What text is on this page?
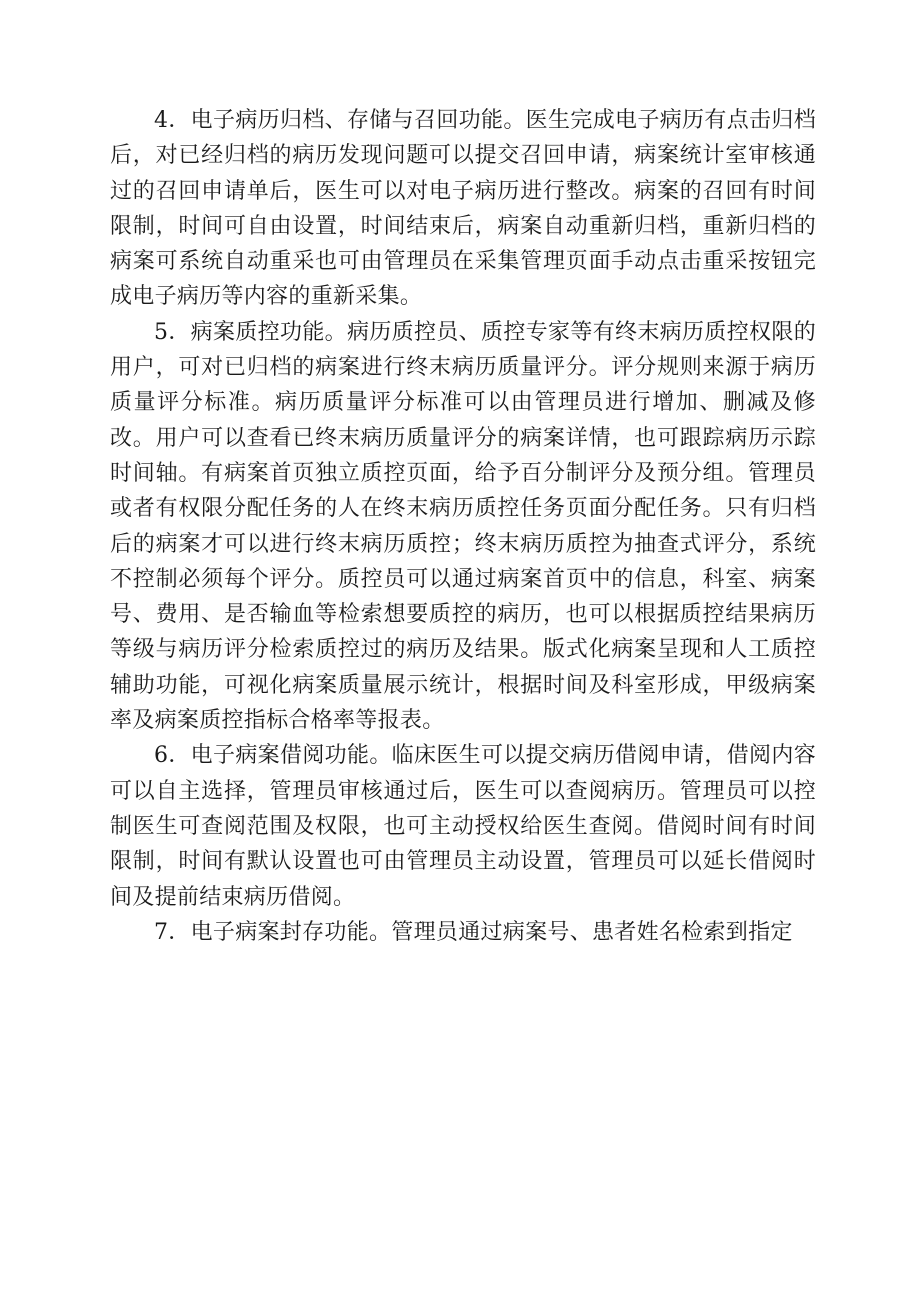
4．电子病历归档、存储与召回功能。医生完成电子病历有点击归档后，对已经归档的病历发现问题可以提交召回申请，病案统计室审核通过的召回申请单后，医生可以对电子病历进行整改。病案的召回有时间限制，时间可自由设置，时间结束后，病案自动重新归档，重新归档的病案可系统自动重采也可由管理员在采集管理页面手动点击重采按钮完成电子病历等内容的重新采集。

5．病案质控功能。病历质控员、质控专家等有终末病历质控权限的用户，可对已归档的病案进行终末病历质量评分。评分规则来源于病历质量评分标准。病历质量评分标准可以由管理员进行增加、删减及修改。用户可以查看已终末病历质量评分的病案详情，也可跟踪病历示踪时间轴。有病案首页独立质控页面，给予百分制评分及预分组。管理员或者有权限分配任务的人在终末病历质控任务页面分配任务。只有归档后的病案才可以进行终末病历质控；终末病历质控为抽查式评分，系统不控制必须每个评分。质控员可以通过病案首页中的信息，科室、病案号、费用、是否输血等检索想要质控的病历，也可以根据质控结果病历等级与病历评分检索质控过的病历及结果。版式化病案呈现和人工质控辅助功能，可视化病案质量展示统计，根据时间及科室形成，甲级病案率及病案质控指标合格率等报表。

6．电子病案借阅功能。临床医生可以提交病历借阅申请，借阅内容可以自主选择，管理员审核通过后，医生可以查阅病历。管理员可以控制医生可查阅范围及权限，也可主动授权给医生查阅。借阅时间有时间限制，时间有默认设置也可由管理员主动设置，管理员可以延长借阅时间及提前结束病历借阅。

7．电子病案封存功能。管理员通过病案号、患者姓名检索到指定
